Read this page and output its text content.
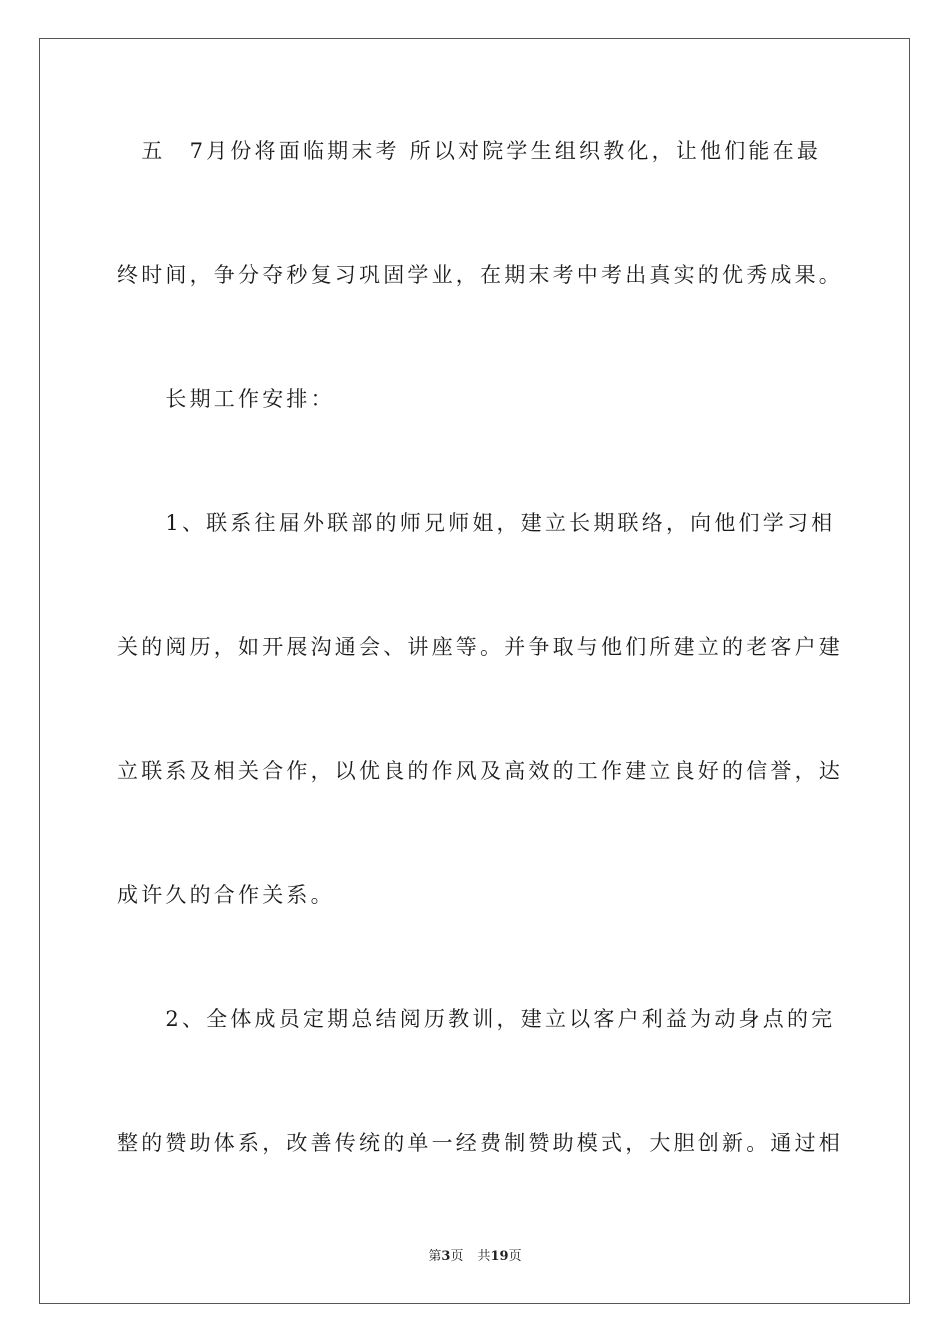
　五　7月份将面临期末考 所以对院学生组织教化，让他们能在最
终时间，争分夺秒复习巩固学业，在期末考中考出真实的优秀成果。
　　长期工作安排：
　　1、联系往届外联部的师兄师姐，建立长期联络，向他们学习相
关的阅历，如开展沟通会、讲座等。并争取与他们所建立的老客户建
立联系及相关合作，以优良的作风及高效的工作建立良好的信誉，达
成许久的合作关系。
　　2、全体成员定期总结阅历教训，建立以客户利益为动身点的完
整的赞助体系，改善传统的单一经费制赞助模式，大胆创新。通过相
第3页 共19页
